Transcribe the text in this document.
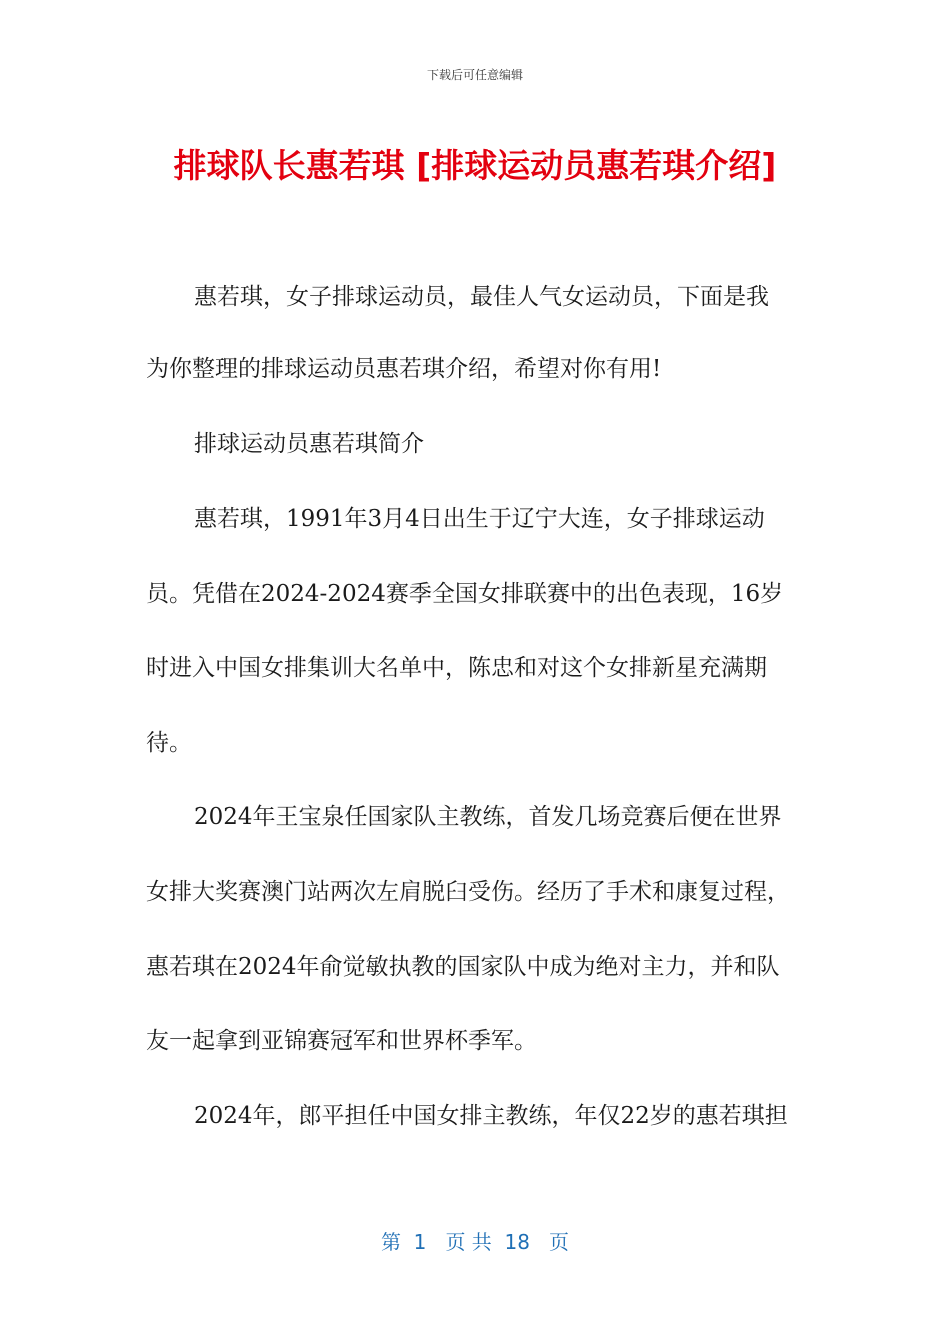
下载后可任意编辑
排球队长惠若琪 [排球运动员惠若琪介绍]

惠若琪，女子排球运动员，最佳人气女运动员，下面是我

为你整理的排球运动员惠若琪介绍，希望对你有用!

排球运动员惠若琪简介

惠若琪，1991年3月4日出生于辽宁大连，女子排球运动

员。凭借在2024-2024赛季全国女排联赛中的出色表现，16岁

时进入中国女排集训大名单中，陈忠和对这个女排新星充满期

待。

2024年王宝泉任国家队主教练，首发几场竞赛后便在世界

女排大奖赛澳门站两次左肩脱臼受伤。经历了手术和康复过程，

惠若琪在2024年俞觉敏执教的国家队中成为绝对主力，并和队

友一起拿到亚锦赛冠军和世界杯季军。

2024年，郎平担任中国女排主教练，年仅22岁的惠若琪担

第  1   页 共  18   页
